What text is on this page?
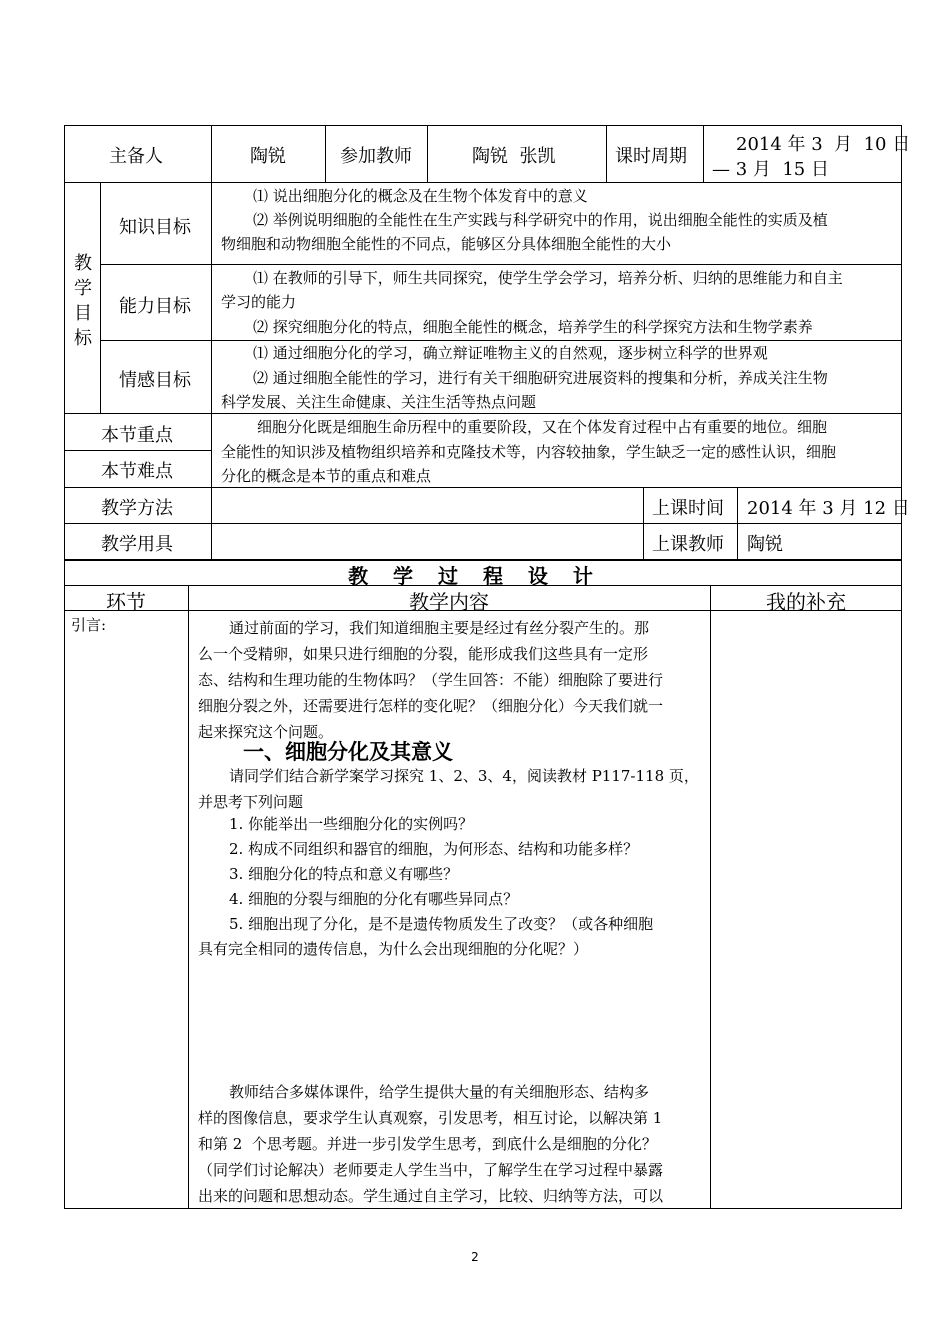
主备人	陶锐	参加教师	陶锐  张凯	课时周期
2014 年 3  月  10 日
— 3 月  15 日
教
学
目
标
知识目标
⑴ 说出细胞分化的概念及在生物个体发育中的意义
⑵ 举例说明细胞的全能性在生产实践与科学研究中的作用，说出细胞全能性的实质及植
物细胞和动物细胞全能性的不同点，能够区分具体细胞全能性的大小
能力目标
⑴ 在教师的引导下，师生共同探究，使学生学会学习，培养分析、归纳的思维能力和自主
学习的能力
⑵ 探究细胞分化的特点，细胞全能性的概念，培养学生的科学探究方法和生物学素养
情感目标
⑴ 通过细胞分化的学习，确立辩证唯物主义的自然观，逐步树立科学的世界观
⑵ 通过细胞全能性的学习，进行有关干细胞研究进展资料的搜集和分析，养成关注生物
科学发展、关注生命健康、关注生活等热点问题
本节重点
本节难点
细胞分化既是细胞生命历程中的重要阶段，又在个体发育过程中占有重要的地位。细胞
全能性的知识涉及植物组织培养和克隆技术等，内容较抽象，学生缺乏一定的感性认识，细胞
分化的概念是本节的重点和难点
教学方法	上课时间 2014 年 3 月 12 日
教学用具	上课教师 陶锐
教 学 过 程 设 计
环节	教学内容	我的补充
引言:	通过前面的学习，我们知道细胞主要是经过有丝分裂产生的。那
么一个受精卵，如果只进行细胞的分裂，能形成我们这些具有一定形
态、结构和生理功能的生物体吗？（学生回答：不能）细胞除了要进行
细胞分裂之外，还需要进行怎样的变化呢？（细胞分化）今天我们就一
起来探究这个问题。
一、细胞分化及其意义
请同学们结合新学案学习探究 1、2、3、4，阅读教材 P117-118 页，
并思考下列问题
1. 你能举出一些细胞分化的实例吗？
2. 构成不同组织和器官的细胞，为何形态、结构和功能多样？
3. 细胞分化的特点和意义有哪些？
4. 细胞的分裂与细胞的分化有哪些异同点？
5. 细胞出现了分化，是不是遗传物质发生了改变？（或各种细胞
具有完全相同的遗传信息，为什么会出现细胞的分化呢？）
教师结合多媒体课件，给学生提供大量的有关细胞形态、结构多
样的图像信息，要求学生认真观察，引发思考，相互讨论，以解决第 1
和第 2  个思考题。并进一步引发学生思考，到底什么是细胞的分化？
（同学们讨论解决）老师要走人学生当中，了解学生在学习过程中暴露
出来的问题和思想动态。学生通过自主学习，比较、归纳等方法，可以
2
